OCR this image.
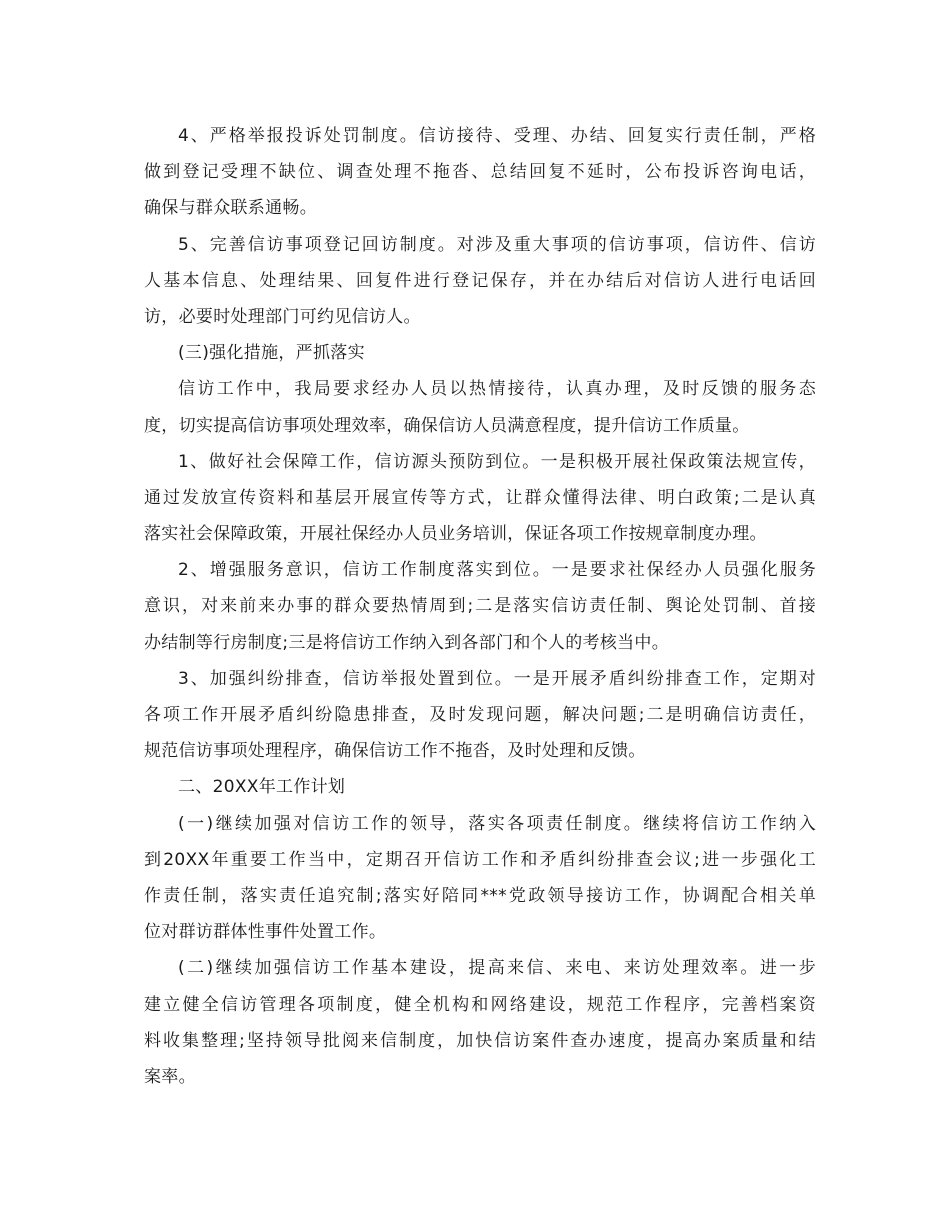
4、严格举报投诉处罚制度。信访接待、受理、办结、回复实行责任制，严格
做到登记受理不缺位、调查处理不拖沓、总结回复不延时，公布投诉咨询电话，
确保与群众联系通畅。
5、完善信访事项登记回访制度。对涉及重大事项的信访事项，信访件、信访
人基本信息、处理结果、回复件进行登记保存，并在办结后对信访人进行电话回
访，必要时处理部门可约见信访人。
(三)强化措施，严抓落实
信访工作中，我局要求经办人员以热情接待，认真办理，及时反馈的服务态
度，切实提高信访事项处理效率，确保信访人员满意程度，提升信访工作质量。
1、做好社会保障工作，信访源头预防到位。一是积极开展社保政策法规宣传，
通过发放宣传资料和基层开展宣传等方式，让群众懂得法律、明白政策;二是认真
落实社会保障政策，开展社保经办人员业务培训，保证各项工作按规章制度办理。
2、增强服务意识，信访工作制度落实到位。一是要求社保经办人员强化服务
意识，对来前来办事的群众要热情周到;二是落实信访责任制、舆论处罚制、首接
办结制等行房制度;三是将信访工作纳入到各部门和个人的考核当中。
3、加强纠纷排查，信访举报处置到位。一是开展矛盾纠纷排查工作，定期对
各项工作开展矛盾纠纷隐患排查，及时发现问题，解决问题;二是明确信访责任，
规范信访事项处理程序，确保信访工作不拖沓，及时处理和反馈。
二、20XX年工作计划
(一)继续加强对信访工作的领导，落实各项责任制度。继续将信访工作纳入
到20XX年重要工作当中，定期召开信访工作和矛盾纠纷排查会议;进一步强化工
作责任制，落实责任追究制;落实好陪同***党政领导接访工作，协调配合相关单
位对群访群体性事件处置工作。
(二)继续加强信访工作基本建设，提高来信、来电、来访处理效率。进一步
建立健全信访管理各项制度，健全机构和网络建设，规范工作程序，完善档案资
料收集整理;坚持领导批阅来信制度，加快信访案件查办速度，提高办案质量和结
案率。
